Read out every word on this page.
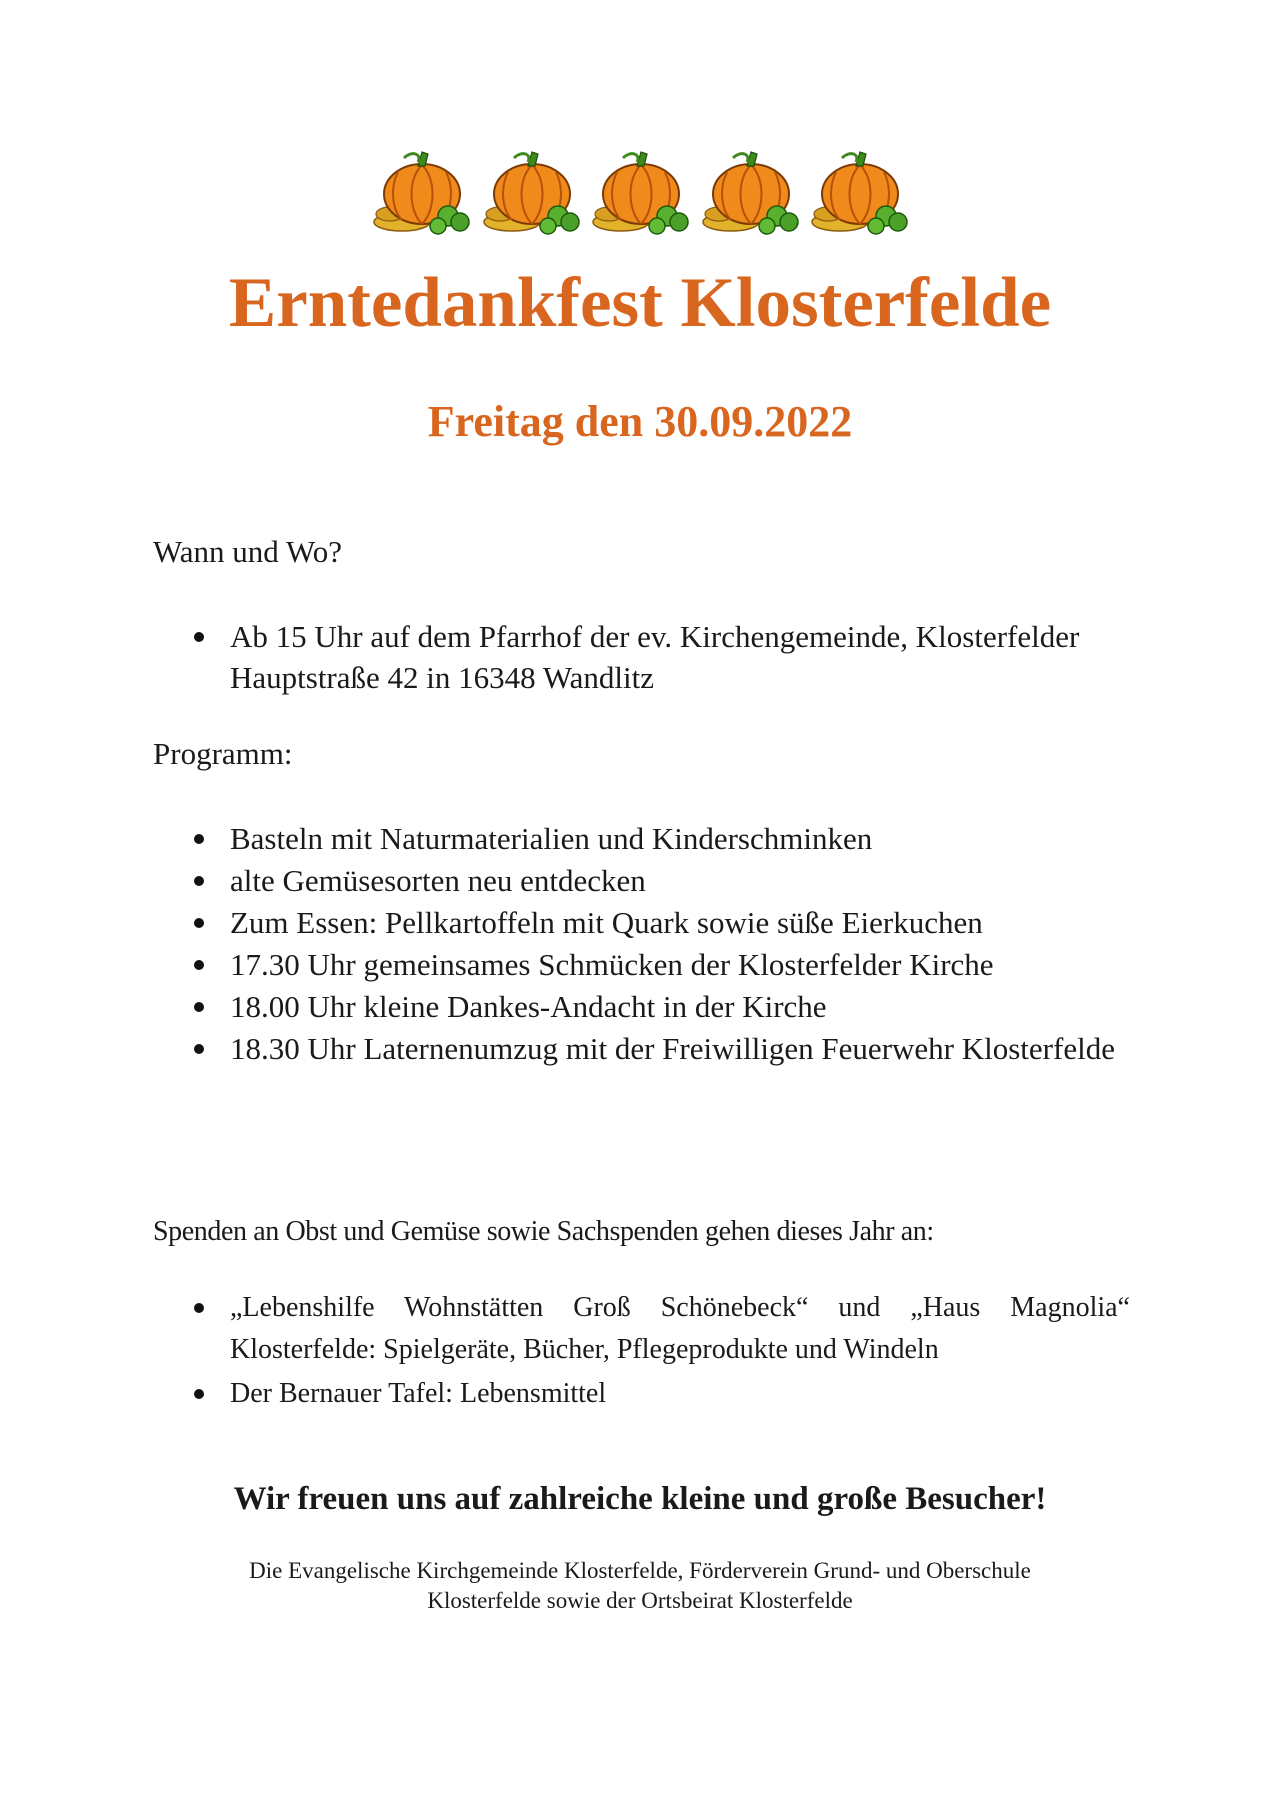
Erntedankfest Klosterfelde
Freitag den 30.09.2022
Wann und Wo?
Ab 15 Uhr auf dem Pfarrhof der ev. Kirchengemeinde, Klosterfelder Hauptstraße 42 in 16348 Wandlitz
Programm:
Basteln mit Naturmaterialien und Kinderschminken
alte Gemüsesorten neu entdecken
Zum Essen: Pellkartoffeln mit Quark sowie süße Eierkuchen
17.30 Uhr gemeinsames Schmücken der Klosterfelder Kirche
18.00 Uhr kleine Dankes-Andacht in der Kirche
18.30 Uhr Laternenumzug mit der Freiwilligen Feuerwehr Klosterfelde
Spenden an Obst und Gemüse sowie Sachspenden gehen dieses Jahr an:
„Lebenshilfe Wohnstätten Groß Schönebeck“ und „Haus Magnolia“ Klosterfelde: Spielgeräte, Bücher, Pflegeprodukte und Windeln
Der Bernauer Tafel: Lebensmittel
Wir freuen uns auf zahlreiche kleine und große Besucher!
Die Evangelische Kirchgemeinde Klosterfelde, Förderverein Grund- und Oberschule
Klosterfelde sowie der Ortsbeirat Klosterfelde
